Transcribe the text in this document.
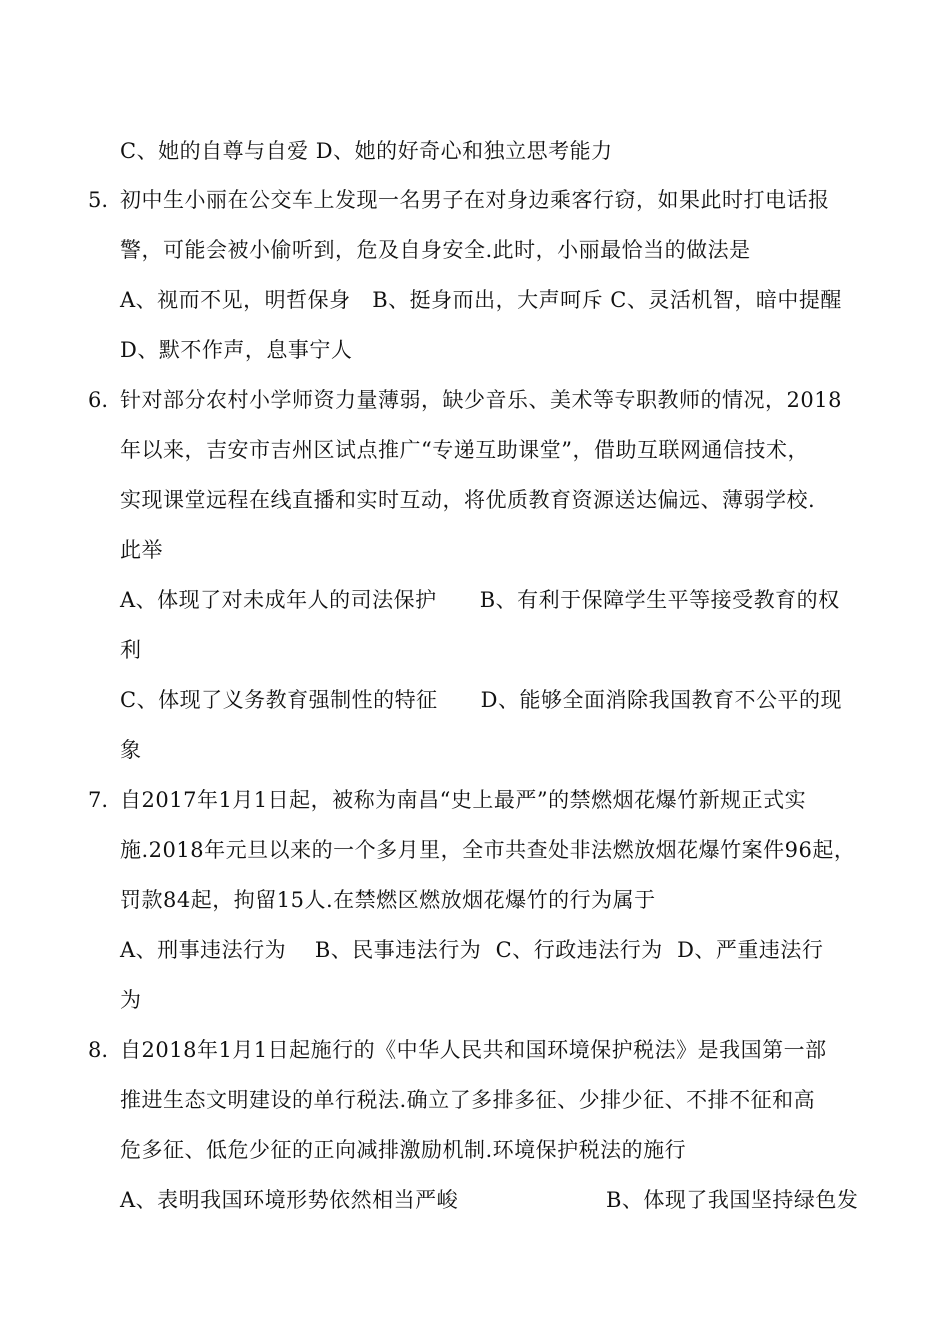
C、她的自尊与自爱 D、她的好奇心和独立思考能力
5. 初中生小丽在公交车上发现一名男子在对身边乘客行窃，如果此时打电话报
警，可能会被小偷听到，危及自身安全.此时，小丽最恰当的做法是
A、视而不见，明哲保身   B、挺身而出，大声呵斥 C、灵活机智，暗中提醒
D、默不作声，息事宁人
6. 针对部分农村小学师资力量薄弱，缺少音乐、美术等专职教师的情况，2018
年以来，吉安市吉州区试点推广“专递互助课堂”，借助互联网通信技术，
实现课堂远程在线直播和实时互动，将优质教育资源送达偏远、薄弱学校.
此举
A、体现了对未成年人的司法保护      B、有利于保障学生平等接受教育的权
利
C、体现了义务教育强制性的特征      D、能够全面消除我国教育不公平的现
象
7. 自2017年1月1日起，被称为南昌“史上最严”的禁燃烟花爆竹新规正式实
施.2018年元旦以来的一个多月里，全市共查处非法燃放烟花爆竹案件96起，
罚款84起，拘留15人.在禁燃区燃放烟花爆竹的行为属于
A、刑事违法行为    B、民事违法行为  C、行政违法行为  D、严重违法行
为
8. 自2018年1月1日起施行的《中华人民共和国环境保护税法》是我国第一部
推进生态文明建设的单行税法.确立了多排多征、少排少征、不排不征和高
危多征、低危少征的正向减排激励机制.环境保护税法的施行
A、表明我国环境形势依然相当严峻	B、体现了我国坚持绿色发
